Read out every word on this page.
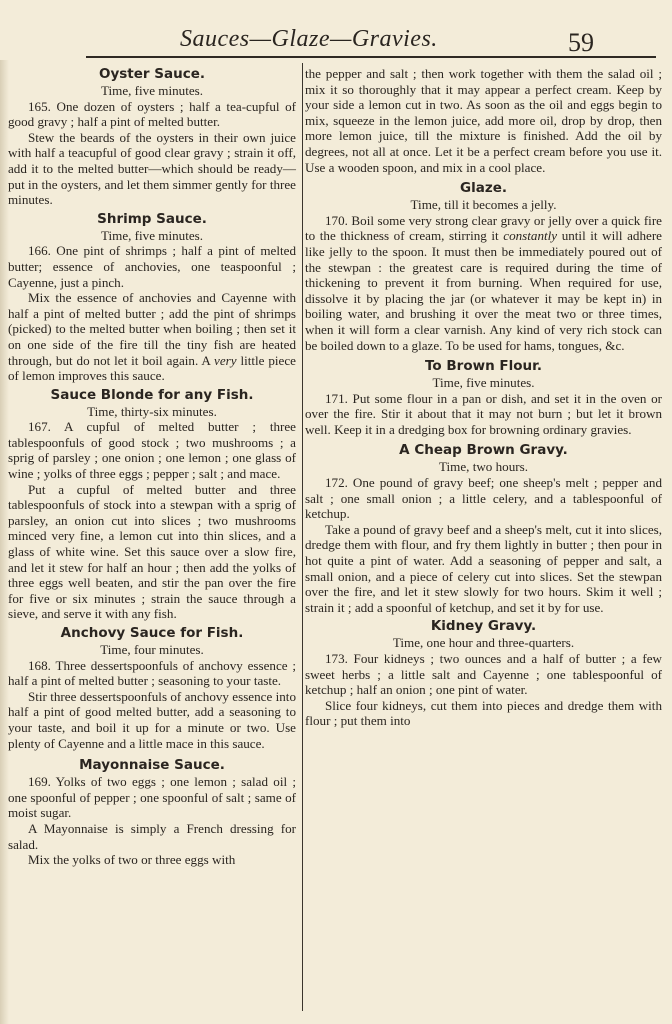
Sauces—Glaze—Gravies.	59

Oyster Sauce.

Time, five minutes.

165. One dozen of oysters ; half a tea-cupful of good gravy ; half a pint of melted butter.

Stew the beards of the oysters in their own juice with half a teacupful of good clear gravy ; strain it off, add it to the melted butter—which should be ready—put in the oysters, and let them simmer gently for three minutes.

Shrimp Sauce.

Time, five minutes.

166. One pint of shrimps ; half a pint of melted butter; essence of anchovies, one teaspoonful ; Cayenne, just a pinch.

Mix the essence of anchovies and Cayenne with half a pint of melted butter ; add the pint of shrimps (picked) to the melted butter when boiling ; then set it on one side of the fire till the tiny fish are heated through, but do not let it boil again. A very little piece of lemon improves this sauce.

Sauce Blonde for any Fish.

Time, thirty-six minutes.

167. A cupful of melted butter ; three tablespoonfuls of good stock ; two mushrooms ; a sprig of parsley ; one onion ; one lemon ; one glass of wine ; yolks of three eggs ; pepper ; salt ; and mace.

Put a cupful of melted butter and three tablespoonfuls of stock into a stewpan with a sprig of parsley, an onion cut into slices ; two mushrooms minced very fine, a lemon cut into thin slices, and a glass of white wine. Set this sauce over a slow fire, and let it stew for half an hour ; then add the yolks of three eggs well beaten, and stir the pan over the fire for five or six minutes ; strain the sauce through a sieve, and serve it with any fish.

Anchovy Sauce for Fish.

Time, four minutes.

168. Three dessertspoonfuls of anchovy essence ; half a pint of melted butter ; seasoning to your taste.

Stir three dessertspoonfuls of anchovy essence into half a pint of good melted butter, add a seasoning to your taste, and boil it up for a minute or two. Use plenty of Cayenne and a little mace in this sauce.

Mayonnaise Sauce.

169. Yolks of two eggs ; one lemon ; salad oil ; one spoonful of pepper ; one spoonful of salt ; same of moist sugar.

A Mayonnaise is simply a French dressing for salad.

Mix the yolks of two or three eggs with

the pepper and salt ; then work together with them the salad oil ; mix it so thoroughly that it may appear a perfect cream. Keep by your side a lemon cut in two. As soon as the oil and eggs begin to mix, squeeze in the lemon juice, add more oil, drop by drop, then more lemon juice, till the mixture is finished. Add the oil by degrees, not all at once. Let it be a perfect cream before you use it. Use a wooden spoon, and mix in a cool place.

Glaze.

Time, till it becomes a jelly.

170. Boil some very strong clear gravy or jelly over a quick fire to the thickness of cream, stirring it constantly until it will adhere like jelly to the spoon. It must then be immediately poured out of the stewpan : the greatest care is required during the time of thickening to prevent it from burning. When required for use, dissolve it by placing the jar (or whatever it may be kept in) in boiling water, and brushing it over the meat two or three times, when it will form a clear varnish. Any kind of very rich stock can be boiled down to a glaze. To be used for hams, tongues, &c.

To Brown Flour.

Time, five minutes.

171. Put some flour in a pan or dish, and set it in the oven or over the fire. Stir it about that it may not burn ; but let it brown well. Keep it in a dredging box for browning ordinary gravies.

A Cheap Brown Gravy.

Time, two hours.

172. One pound of gravy beef; one sheep's melt ; pepper and salt ; one small onion ; a little celery, and a tablespoonful of ketchup.

Take a pound of gravy beef and a sheep's melt, cut it into slices, dredge them with flour, and fry them lightly in butter ; then pour in hot quite a pint of water. Add a seasoning of pepper and salt, a small onion, and a piece of celery cut into slices. Set the stewpan over the fire, and let it stew slowly for two hours. Skim it well ; strain it ; add a spoonful of ketchup, and set it by for use.

Kidney Gravy.

Time, one hour and three-quarters.

173. Four kidneys ; two ounces and a half of butter ; a few sweet herbs ; a little salt and Cayenne ; one tablespoonful of ketchup ; half an onion ; one pint of water.

Slice four kidneys, cut them into pieces and dredge them with flour ; put them into
